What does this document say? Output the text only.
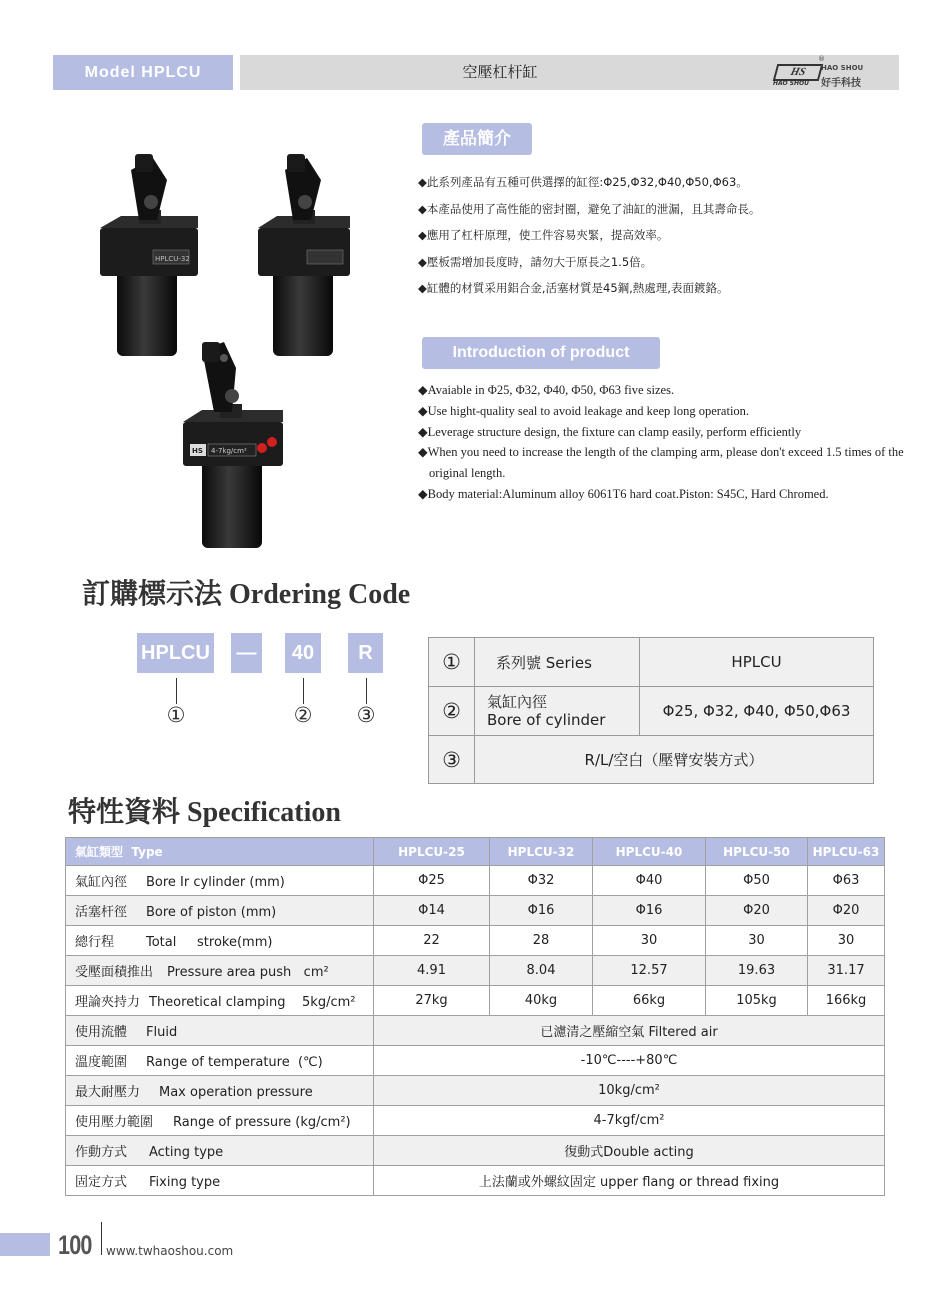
Model HPLCU	空壓杠杆缸	HS
HAO SHOU
®
HAO SHOU
好手科技
HPLCU-32
HS 4-7kg/cm²
產品簡介
◆此系列產品有五種可供選擇的缸徑:Φ25,Φ32,Φ40,Φ50,Φ63。
◆本產品使用了高性能的密封圈，避免了油缸的泄漏，且其壽命長。
◆應用了杠杆原理，使工件容易夾緊，提高效率。
◆壓板需增加長度時，請勿大于原長之1.5倍。
◆缸體的材質采用鋁合金,活塞材質是45鋼,熱處理,表面鍍鉻。
Introduction of product
◆Avaiable in Φ25, Φ32, Φ40, Φ50, Φ63 five sizes.
◆Use hight-quality seal to avoid leakage and keep long operation.
◆Leverage structure design, the fixture can clamp easily, perform efficiently
◆When you need to increase the length of the clamping arm, please don't exceed 1.5 times of the original length.
◆Body material:Aluminum alloy 6061T6 hard coat.Piston: S45C, Hard Chromed.
訂購標示法 Ordering Code
HPLCU —	40	R
①	② ③
①	系列號 Series	HPLCU
②	氣缸內徑
Bore of cylinder	Φ25, Φ32, Φ40, Φ50,Φ63
③	R/L/空白（壓臂安裝方式）	
特性資料 Specification
氣缸類型 Type	HPLCU-25	HPLCU-32	HPLCU-40	HPLCU-50	HPLCU-63
氣缸內徑 Bore Ir cylinder (mm)	Φ25	Φ32	Φ40	Φ50	Φ63
活塞杆徑 Bore of piston (mm)	Φ14	Φ16	Φ16	Φ20	Φ20
總行程 Total     stroke(mm)	22	28	30	30	30
受壓面積推出 Pressure area push   cm²	4.91	8.04	12.57	19.63	31.17
理論夾持力 Theoretical clamping    5kg/cm²	27kg	40kg	66kg	105kg	166kg
使用流體 Fluid	已濾清之壓縮空氣 Filtered air				
溫度範圍 Range of temperature  (℃)	-10℃----+80℃				
最大耐壓力 Max operation pressure	10kg/cm²				
使用壓力範圍 Range of pressure (kg/cm²)	4-7kgf/cm²				
作動方式 Acting type	復動式Double acting				
固定方式 Fixing type	上法蘭或外螺紋固定 upper flang or thread fixing				
100 www.twhaoshou.com
